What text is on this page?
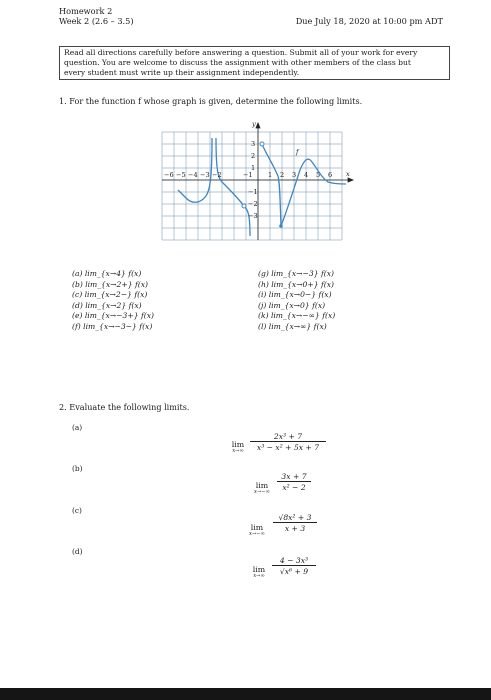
Homework 2
Week 2 (2.6 – 3.5)	Due July 18, 2020 at 10:00 pm ADT
Read all directions carefully before answering a question. Submit all of your work for every
question. You are welcome to discuss the assignment with other members of the class but
every student must write up their assignment independently.
1. For the function f whose graph is given, determine the following limits.
−6 −5 −4 −3 −2	−1 1 2 3 4 5 6
3
2
1
−1
−2
−3
x
y
f
(a) lim_{x→4} f(x)
(b) lim_{x→2+} f(x)
(c) lim_{x→2−} f(x)
(d) lim_{x→2} f(x)
(e) lim_{x→−3+} f(x)
(f) lim_{x→−3−} f(x)
(g) lim_{x→−3} f(x)
(h) lim_{x→0+} f(x)
(i) lim_{x→0−} f(x)
(j) lim_{x→0} f(x)
(k) lim_{x→−∞} f(x)
(l) lim_{x→∞} f(x)
2. Evaluate the following limits.
(a)
lim
$x\to\infty \frac{\text{2x³ + 7}}{\text{x³ − x² + 5x + 7}}$
(b)
lim
$x\to-\infty \frac{3x + 7}{\text{x² − 2}}$
(c)
lim
x→−∞
$\frac{\text{√8x² + 3}}{x + 3}$
(d)
lim
$x\to\infty \frac{\text{4 − 3x³}}{\text{√x⁶ + 9}}$
